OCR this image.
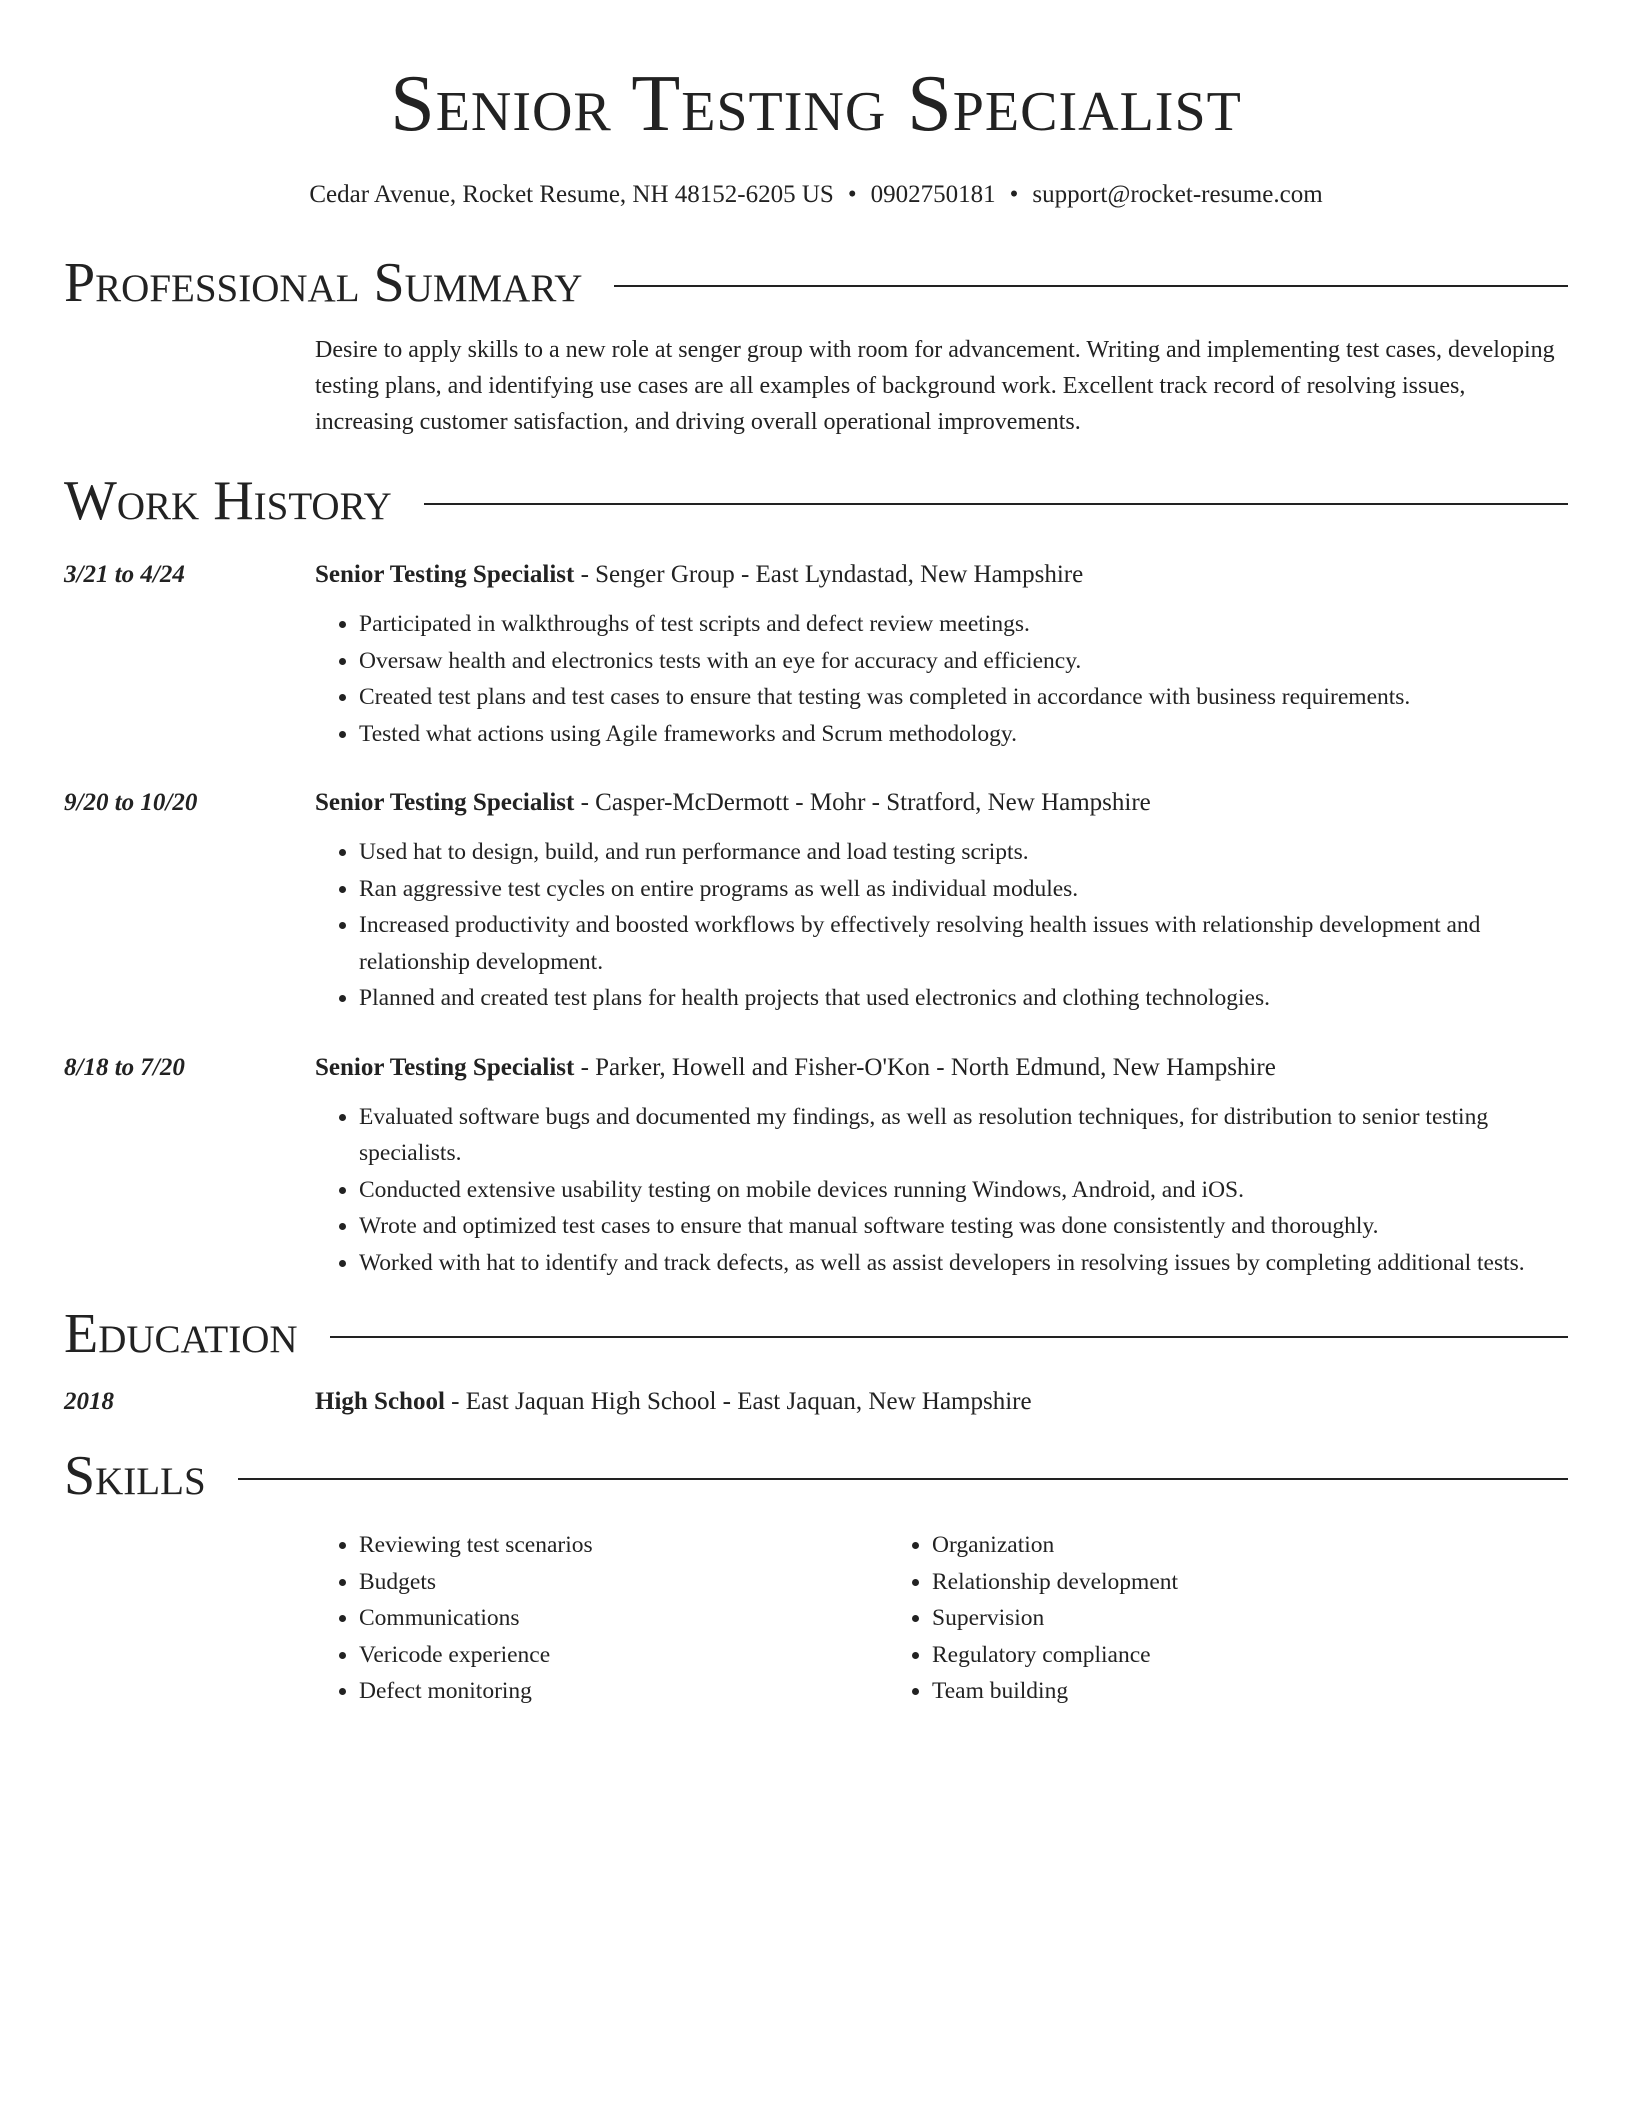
Senior Testing Specialist
Cedar Avenue, Rocket Resume, NH 48152-6205 US • 0902750181 • support@rocket-resume.com
Professional Summary
Desire to apply skills to a new role at senger group with room for advancement. Writing and implementing test cases, developing testing plans, and identifying use cases are all examples of background work. Excellent track record of resolving issues, increasing customer satisfaction, and driving overall operational improvements.
Work History
3/21 to 4/24	Senior Testing Specialist - Senger Group - East Lyndastad, New Hampshire
• Participated in walkthroughs of test scripts and defect review meetings.
• Oversaw health and electronics tests with an eye for accuracy and efficiency.
• Created test plans and test cases to ensure that testing was completed in accordance with business requirements.
• Tested what actions using Agile frameworks and Scrum methodology.
9/20 to 10/20	Senior Testing Specialist - Casper-McDermott - Mohr - Stratford, New Hampshire
• Used hat to design, build, and run performance and load testing scripts.
• Ran aggressive test cycles on entire programs as well as individual modules.
• Increased productivity and boosted workflows by effectively resolving health issues with relationship development and relationship development.
• Planned and created test plans for health projects that used electronics and clothing technologies.
8/18 to 7/20	Senior Testing Specialist - Parker, Howell and Fisher-O'Kon - North Edmund, New Hampshire
• Evaluated software bugs and documented my findings, as well as resolution techniques, for distribution to senior testing specialists.
• Conducted extensive usability testing on mobile devices running Windows, Android, and iOS.
• Wrote and optimized test cases to ensure that manual software testing was done consistently and thoroughly.
• Worked with hat to identify and track defects, as well as assist developers in resolving issues by completing additional tests.
Education
2018	High School - East Jaquan High School - East Jaquan, New Hampshire
Skills
• Reviewing test scenarios
• Budgets
• Communications
• Vericode experience
• Defect monitoring
• Organization
• Relationship development
• Supervision
• Regulatory compliance
• Team building
